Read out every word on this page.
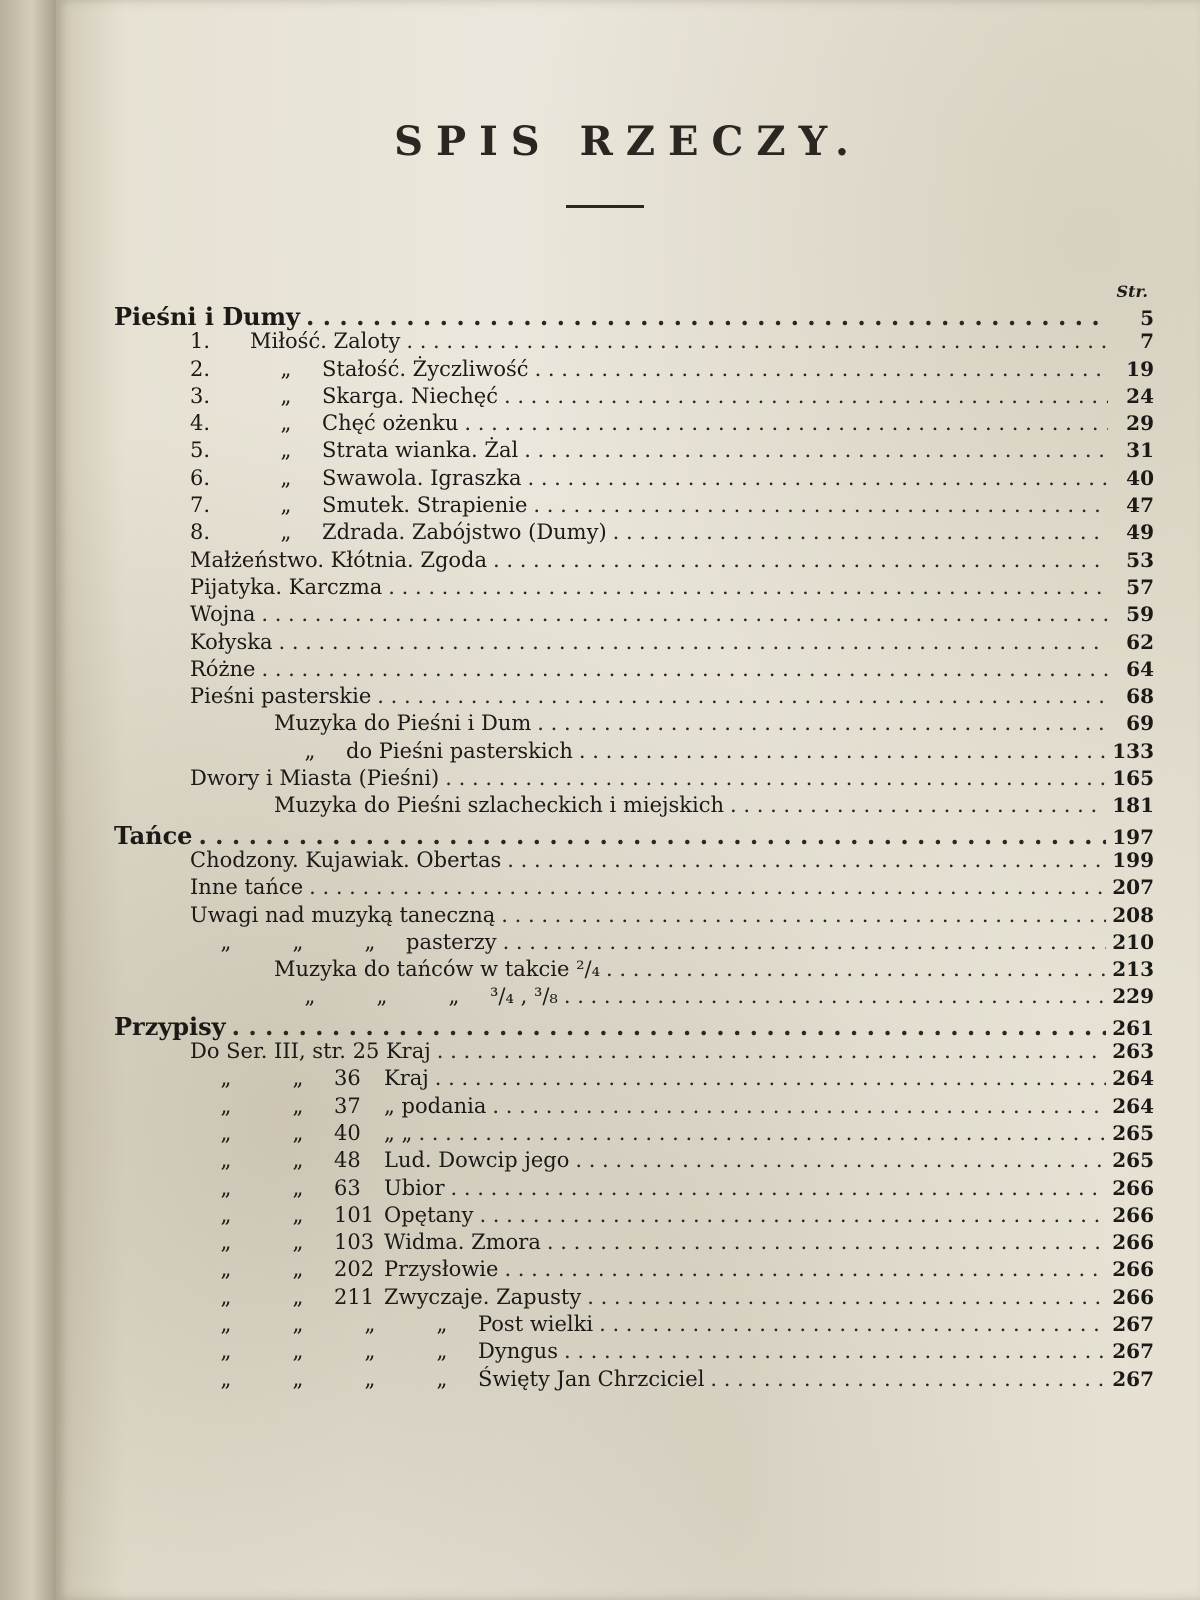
SPIS RZECZY.
Str.
Pieśni i Dumy . . .	5
1. Miłość. Zaloty . . .	7
2.	„ Stałość. Życzliwość . . .	19
3.	„ Skarga. Niechęć . . .	24
4.	„ Chęć ożenku . . .	29
5.	„ Strata wianka. Żal . . .	31
6.	„ Swawola. Igraszka . . .	40
7.	„ Smutek. Strapienie . . .	47
8.	„ Zdrada. Zabójstwo (Dumy) . . .	49
Małżeństwo. Kłótnia. Zgoda . . .	53
Pijatyka. Karczma . . .	57
Wojna . . .	59
Kołyska . . .	62
Różne . . .	64
Pieśni pasterskie . . .	68
Muzyka do Pieśni i Dum . . .	69
„ do Pieśni pasterskich . . .	133
Dwory i Miasta (Pieśni) . . .	165
Muzyka do Pieśni szlacheckich i miejskich . . .	181
Tańce . . .	197
Chodzony. Kujawiak. Obertas . . .	199
Inne tańce . . .	207
Uwagi nad muzyką taneczną . . .	208
„	„	„ pasterzy . . .	210
Muzyka do tańców w takcie ²/₄ . . .	213
„	„	„ ³/₄ , ³/₈ . . .	229
Przypisy . . .	261
Do Ser. III, str. 25 Kraj . . .	263
„	„ 36 Kraj . . .	264
„	„ 37 „ podania . . .	264
„	„ 40 „ „ . . .	265
„	„ 48 Lud. Dowcip jego . . .	265
„	„ 63 Ubior . . .	266
„	„ 101 Opętany . . .	266
„	„ 103 Widma. Zmora . . .	266
„	„ 202 Przysłowie . . .	266
„	„ 211 Zwyczaje. Zapusty . . .	266
„	„	„	„ Post wielki . . .	267
„	„	„	„ Dyngus . . .	267
„	„	„	„ Święty Jan Chrzciciel . . .	267
